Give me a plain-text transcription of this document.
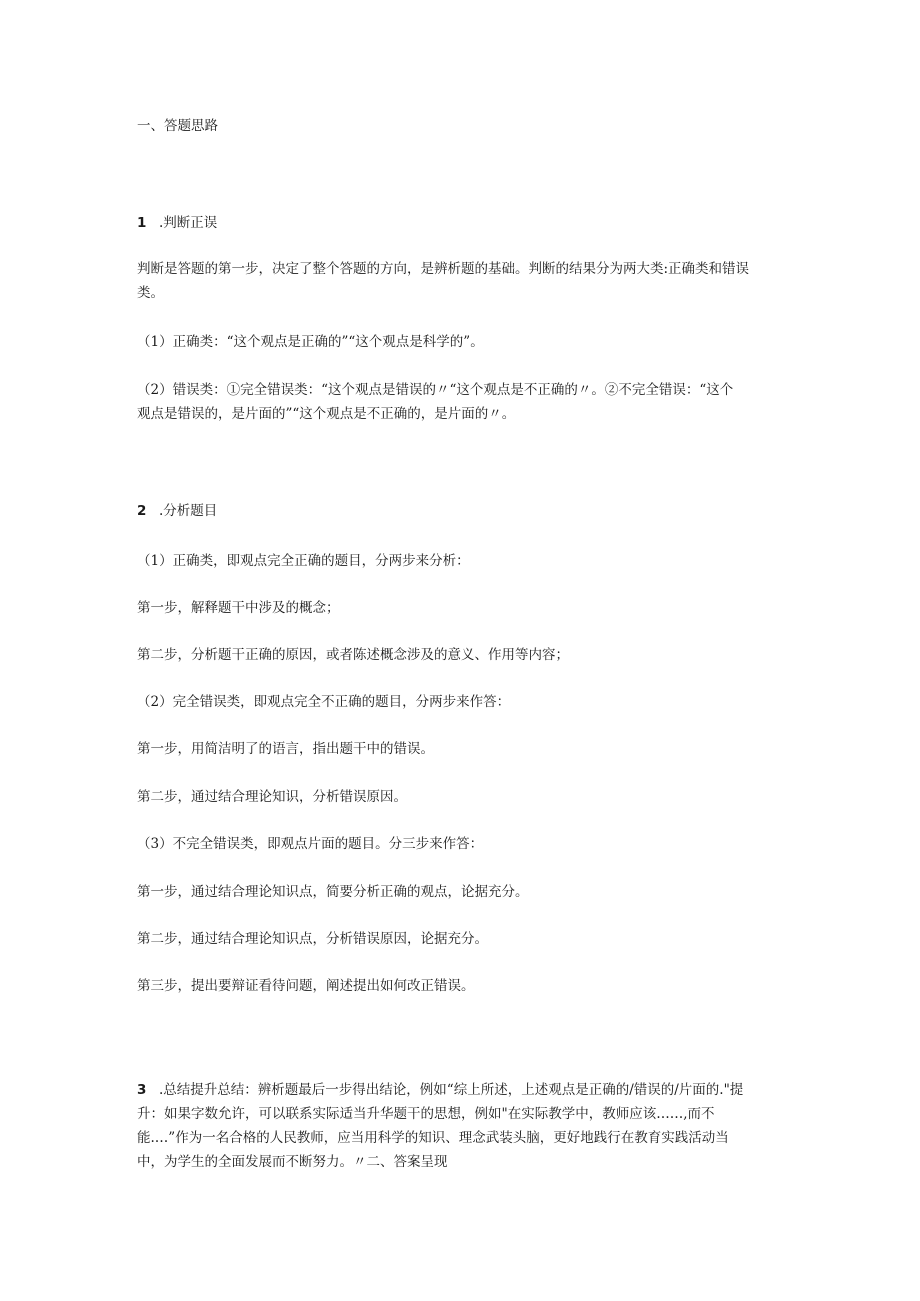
一、答题思路
1 .判断正误
判断是答题的第一步，决定了整个答题的方向，是辨析题的基础。判断的结果分为两大类:正确类和错误
类。
（1）正确类：“这个观点是正确的”“这个观点是科学的”。
（2）错误类：①完全错误类：“这个观点是错误的〃“这个观点是不正确的〃。②不完全错误：“这个
观点是错误的，是片面的”“这个观点是不正确的，是片面的〃。
2 .分析题目
（1）正确类，即观点完全正确的题目，分两步来分析：
第一步，解释题干中涉及的概念；
第二步，分析题干正确的原因，或者陈述概念涉及的意义、作用等内容；
（2）完全错误类，即观点完全不正确的题目，分两步来作答：
第一步，用简洁明了的语言，指出题干中的错误。
第二步，通过结合理论知识，分析错误原因。
（3）不完全错误类，即观点片面的题目。分三步来作答：
第一步，通过结合理论知识点，简要分析正确的观点，论据充分。
第二步，通过结合理论知识点，分析错误原因，论据充分。
第三步，提出要辩证看待问题，阐述提出如何改正错误。
3 .总结提升总结：辨析题最后一步得出结论，例如“综上所述，上述观点是正确的/错误的/片面的."提
升：如果字数允许，可以联系实际适当升华题干的思想，例如"在实际教学中，教师应该……,而不
能.…”作为一名合格的人民教师，应当用科学的知识、理念武装头脑，更好地践行在教育实践活动当
中，为学生的全面发展而不断努力。〃二、答案呈现
